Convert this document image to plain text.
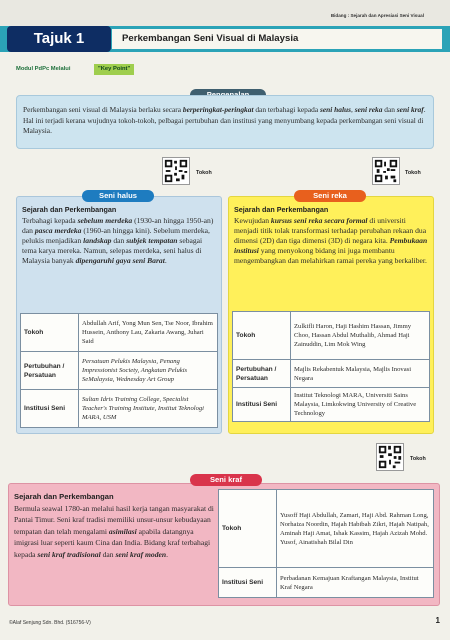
Bidang : Sejarah dan Apresiasi Seni Visual
Tajuk 1	Perkembangan Seni Visual di Malaysia
Modul PdPc Melalui	"Key Point"
Perkembangan seni visual di Malaysia berlaku secara berperingkat-peringkat dan terbahagi kepada seni halus, seni reka dan seni kraf. Hal ini terjadi kerana wujudnya tokoh-tokoh, pelbagai pertubuhan dan institusi yang menyumbang kepada perkembangan seni visual di Malaysia.
Tokoh	Tokoh
Sejarah dan Perkembangan
Terbahagi kepada sebelum merdeka (1930-an hingga 1950-an) dan pasca merdeka (1960-an hingga kini). Sebelum merdeka, pelukis menjadikan landskap dan subjek tempatan sebagai tema karya mereka. Namun, selepas merdeka, seni halus di Malaysia banyak dipengaruhi gaya seni Barat.
Seni halus
Tokoh	Abdullah Arif, Yong Mun Sen, Tse Noor, Ibrahim Hussein, Anthony Lau, Zakaria Awang, Juhari Said
Pertubuhan / Persatuan	Persatuan Pelukis Malaysia, Penang Impressionist Society, Angkatan Pelukis SeMalaysia, Wednesday Art Group
Institusi Seni	Sultan Idris Training College, Specialist Teacher's Training Institute, Institut Teknologi MARA, USM
Sejarah dan Perkembangan
Kewujudan kursus seni reka secara formal di universiti menjadi titik tolak transformasi terhadap perubahan rekaan dua dimensi (2D) dan tiga dimensi (3D) di negara kita. Pembukaan institusi yang menyokong bidang ini juga membantu mengembangkan dan melahirkan ramai pereka yang berkaliber.
Seni reka
Tokoh	Zulkifli Haron, Haji Hashim Hassan, Jimmy Choo, Hassan Abdul Muthalib, Ahmad Haji Zainuddin, Lim Mok Wing
Pertubuhan / Persatuan	Majlis Rekabentuk Malaysia, Majlis Inovasi Negara
Institusi Seni	Institut Teknologi MARA, Universiti Sains Malaysia, Limkokwing University of Creative Technology
Tokoh
Sejarah dan Perkembangan
Bermula seawal 1780-an melalui hasil kerja tangan masyarakat di Pantai Timur. Seni kraf tradisi memiliki unsur-unsur kebudayaan tempatan dan telah mengalami asimilasi apabila datangnya imigrasi luar seperti kaum Cina dan India. Bidang kraf terbahagi kepada seni kraf tradisional dan seni kraf moden.
Seni kraf
Tokoh	Yusoff Haji Abdullah, Zamari, Haji Abd. Rahman Long, Norhaiza Noordin, Hajah Habibah Zikri, Hajah Natipah, Aminah Haji Amat, Ishak Kassim, Hajah Azizah Mohd. Yusof, Ainatishah Bilal Din
Institusi Seni	Perbadanan Kemajuan Kraftangan Malaysia, Institut Kraf Negara
©Alaf Senjung Sdn. Bhd. (516756-V)	1
